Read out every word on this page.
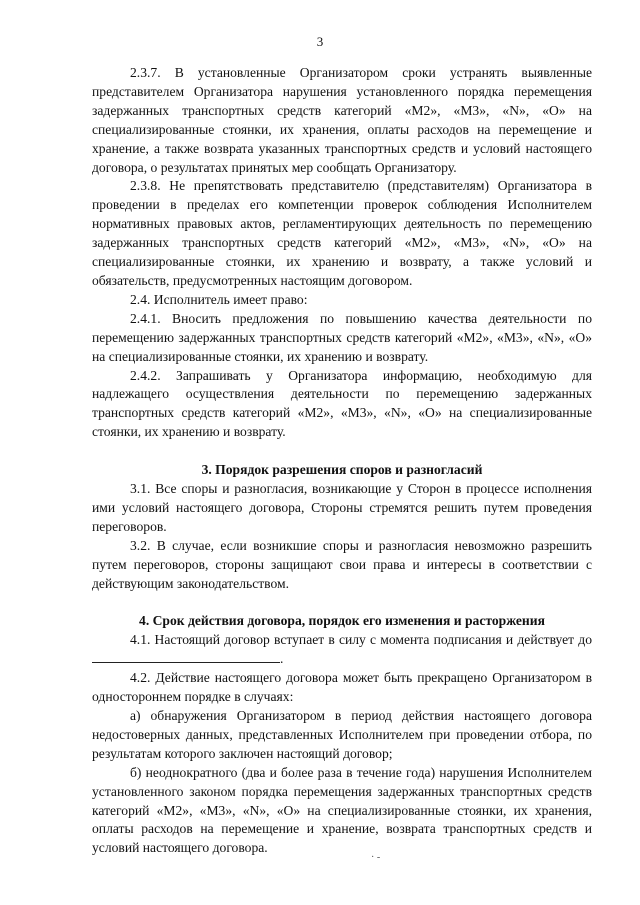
3

2.3.7. В установленные Организатором сроки устранять выявленные представителем Организатора нарушения установленного порядка перемещения задержанных транспортных средств категорий «М2», «М3», «N», «О» на специализированные стоянки, их хранения, оплаты расходов на перемещение и хранение, а также возврата указанных транспортных средств и условий настоящего договора, о результатах принятых мер сообщать Организатору.

2.3.8. Не препятствовать представителю (представителям) Организатора в проведении в пределах его компетенции проверок соблюдения Исполнителем нормативных правовых актов, регламентирующих деятельность по перемещению задержанных транспортных средств категорий «М2», «М3», «N», «О» на специализированные стоянки, их хранению и возврату, а также условий и обязательств, предусмотренных настоящим договором.

2.4. Исполнитель имеет право:

2.4.1. Вносить предложения по повышению качества деятельности по перемещению задержанных транспортных средств категорий «М2», «М3», «N», «О» на специализированные стоянки, их хранению и возврату.

2.4.2. Запрашивать у Организатора информацию, необходимую для надлежащего осуществления деятельности по перемещению задержанных транспортных средств категорий «М2», «М3», «N», «О» на специализированные стоянки, их хранению и возврату.

3. Порядок разрешения споров и разногласий

3.1. Все споры и разногласия, возникающие у Сторон в процессе исполнения ими условий настоящего договора, Стороны стремятся решить путем проведения переговоров.

3.2. В случае, если возникшие споры и разногласия невозможно разрешить путем переговоров, стороны защищают свои права и интересы в соответствии с действующим законодательством.

4. Срок действия договора, порядок его изменения и расторжения

4.1. Настоящий договор вступает в силу с момента подписания и действует до .

4.2. Действие настоящего договора может быть прекращено Организатором в одностороннем порядке в случаях:

а) обнаружения Организатором в период действия настоящего договора недостоверных данных, представленных Исполнителем при проведении отбора, по результатам которого заключен настоящий договор;

б) неоднократного (два и более раза в течение года) нарушения Исполнителем установленного законом порядка перемещения задержанных транспортных средств категорий «М2», «М3», «N», «О» на специализированные стоянки, их хранения, оплаты расходов на перемещение и хранение, возврата транспортных средств и условий настоящего договора.

· -
